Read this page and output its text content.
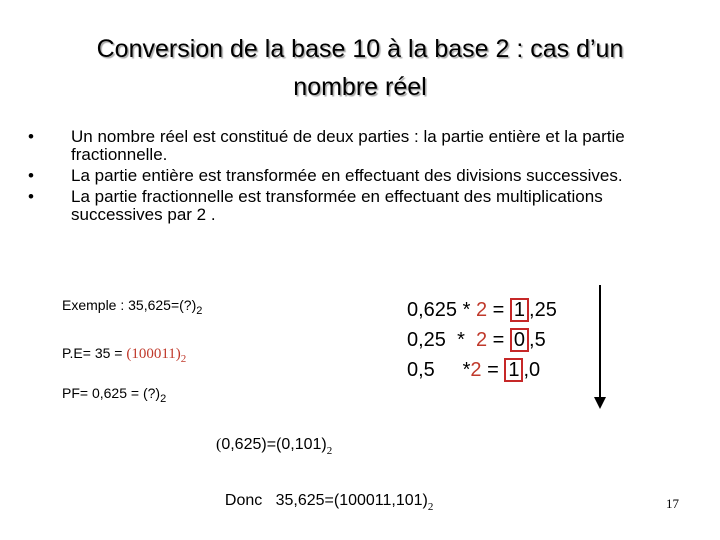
Conversion de la base 10 à la base 2 : cas d’un
nombre réel
•	Un nombre réel est constitué de deux parties : la partie entière et la partie fractionnelle.
•	La partie entière est transformée en effectuant des divisions successives.
•	La partie fractionnelle est transformée en effectuant des multiplications successives par 2 .
Exemple : $35,625=(?)_2$
$P.E= 35 = (100011)_2$
$PF= 0,625 = (?)_2$
0,625 * 2 = 1 ,25
0,25 * 2 = 0 ,5
0,5 *2 = 1 ,0
$(0,625)=(0,101)_2$

Donc   $35,625=(100011,101)_2$	17
